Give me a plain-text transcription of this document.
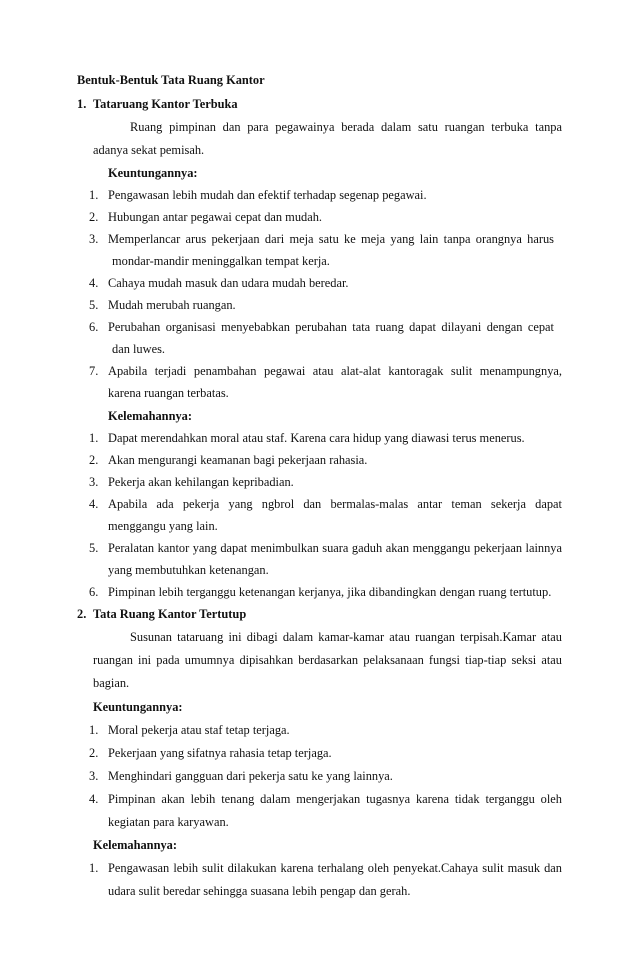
Bentuk-Bentuk Tata Ruang Kantor
1. Tataruang Kantor Terbuka
Ruang pimpinan dan para pegawainya berada dalam satu ruangan terbuka tanpa
adanya sekat pemisah.
Keuntungannya:
1. Pengawasan lebih mudah dan efektif terhadap segenap pegawai.
2. Hubungan antar pegawai cepat dan mudah.
3. Memperlancar arus pekerjaan dari meja satu ke meja yang lain tanpa orangnya harus
mondar-mandir meninggalkan tempat kerja.
4. Cahaya mudah masuk dan udara mudah beredar.
5. Mudah merubah ruangan.
6. Perubahan organisasi menyebabkan perubahan tata ruang dapat dilayani dengan cepat
dan luwes.
7. Apabila terjadi penambahan pegawai atau alat-alat kantoragak sulit menampungnya,
karena ruangan terbatas.
Kelemahannya:
1. Dapat merendahkan moral atau staf. Karena cara hidup yang diawasi terus menerus.
2. Akan mengurangi keamanan bagi pekerjaan rahasia.
3. Pekerja akan kehilangan kepribadian.
4. Apabila ada pekerja yang ngbrol dan bermalas-malas antar teman sekerja dapat
menggangu yang lain.
5. Peralatan kantor yang dapat menimbulkan suara gaduh akan menggangu pekerjaan lainnya
yang membutuhkan ketenangan.
6. Pimpinan lebih terganggu ketenangan kerjanya, jika dibandingkan dengan ruang tertutup.
2. Tata Ruang Kantor Tertutup
Susunan tataruang ini dibagi dalam kamar-kamar atau ruangan terpisah.Kamar atau
ruangan ini pada umumnya dipisahkan berdasarkan pelaksanaan fungsi tiap-tiap seksi atau
bagian.
Keuntungannya:
1. Moral pekerja atau staf tetap terjaga.
2. Pekerjaan yang sifatnya rahasia tetap terjaga.
3. Menghindari gangguan dari pekerja satu ke yang lainnya.
4. Pimpinan akan lebih tenang dalam mengerjakan tugasnya karena tidak terganggu oleh
kegiatan para karyawan.
Kelemahannya:
1. Pengawasan lebih sulit dilakukan karena terhalang oleh penyekat.Cahaya sulit masuk dan
udara sulit beredar sehingga suasana lebih pengap dan gerah.
